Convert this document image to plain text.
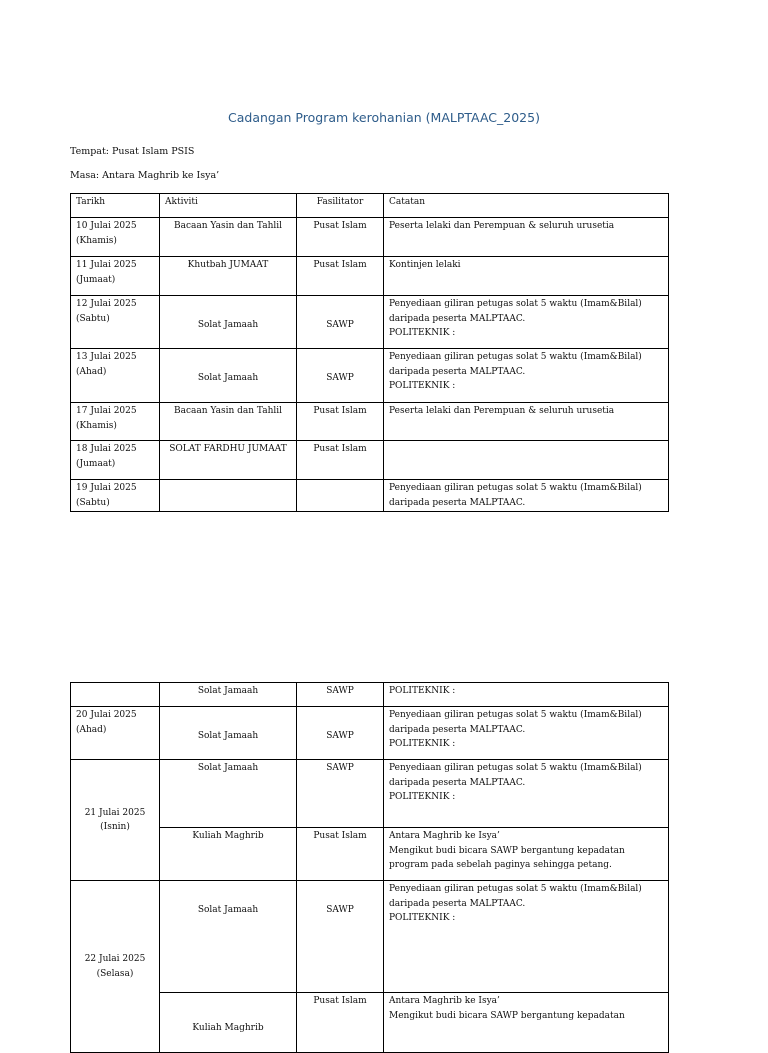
Cadangan Program kerohanian (MALPTAAC_2025)
Tempat: Pusat Islam PSIS
Masa: Antara Maghrib ke Isya’
Tarikh	Aktiviti	Fasilitator	Catatan
10 Julai 2025 (Khamis)	Bacaan Yasin dan Tahlil	Pusat Islam	Peserta lelaki dan Perempuan & seluruh urusetia
11 Julai 2025 (Jumaat)	Khutbah JUMAAT	Pusat Islam	Kontinjen lelaki
12 Julai 2025 (Sabtu)	Solat Jamaah	SAWP	Penyediaan giliran petugas solat 5 waktu (Imam&Bilal) daripada peserta MALPTAAC.
POLITEKNIK :

13 Julai 2025 (Ahad)	Solat Jamaah	SAWP	Penyediaan giliran petugas solat 5 waktu (Imam&Bilal) daripada peserta MALPTAAC.
POLITEKNIK :

17 Julai 2025 (Khamis)	Bacaan Yasin dan Tahlil	Pusat Islam	Peserta lelaki dan Perempuan & seluruh urusetia
18 Julai 2025 (Jumaat)	SOLAT FARDHU JUMAAT	Pusat Islam	
19 Julai 2025 (Sabtu)			Penyediaan giliran petugas solat 5 waktu (Imam&Bilal) daripada peserta MALPTAAC.
	Solat Jamaah	SAWP	POLITEKNIK :
20 Julai 2025 (Ahad)	Solat Jamaah	SAWP	Penyediaan giliran petugas solat 5 waktu (Imam&Bilal) daripada peserta MALPTAAC.
POLITEKNIK :

21 Julai 2025 (Isnin)	Solat Jamaah	SAWP	Penyediaan giliran petugas solat 5 waktu (Imam&Bilal) daripada peserta MALPTAAC.
POLITEKNIK :

	Kuliah Maghrib	Pusat Islam	Antara Maghrib ke Isya’
Mengikut budi bicara SAWP bergantung kepadatan program pada sebelah paginya sehingga petang.

22 Julai 2025 (Selasa)	Solat Jamaah	SAWP	Penyediaan giliran petugas solat 5 waktu (Imam&Bilal) daripada peserta MALPTAAC.
POLITEKNIK :

	Kuliah Maghrib	Pusat Islam	Antara Maghrib ke Isya’
Mengikut budi bicara SAWP bergantung kepadatan
